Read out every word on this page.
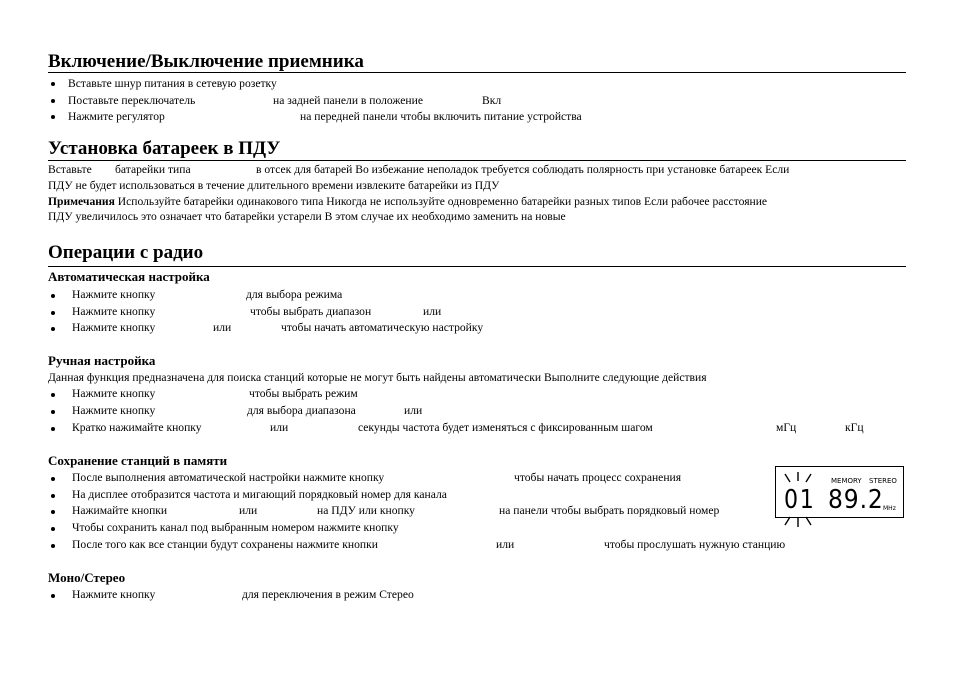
Включение/Выключение приемника
Вставьте шнур питания в сетевую розетку
Поставьте переключатель	на задней панели в положение	Вкл
Нажмите регулятор	на передней панели чтобы включить питание устройства
Установка батареек в ПДУ
Вставьте батарейки типа	в отсек для батарей Во избежание неполадок требуется соблюдать полярность при установке батареек Если
ПДУ не будет использоваться в течение длительного времени извлеките батарейки из ПДУ
Примечания Используйте батарейки одинакового типа Никогда не используйте одновременно батарейки разных типов Если рабочее расстояние
ПДУ увеличилось это означает что батарейки устарели В этом случае их необходимо заменить на новые
Операции с радио
Автоматическая настройка
Нажмите кнопку	для выбора режима
Нажмите кнопку	чтобы выбрать диапазон	или
Нажмите кнопку	или	чтобы начать автоматическую настройку
Ручная настройка
Данная функция предназначена для поиска станций которые не могут быть найдены автоматически Выполните следующие действия
Нажмите кнопку	чтобы выбрать режим
Нажмите кнопку	для выбора диапазона	или
Кратко нажимайте кнопку	или	секунды частота будет изменяться с фиксированным шагом	мГц	кГц
Сохранение станций в памяти
После выполнения автоматической настройки нажмите кнопку	чтобы начать процесс сохранения
На дисплее отобразится частота и мигающий порядковый номер для канала
Нажимайте кнопки	или	на ПДУ или кнопку	на панели чтобы выбрать порядковый номер
Чтобы сохранить канал под выбранным номером нажмите кнопку
После того как все станции будут сохранены нажмите кнопки	или	чтобы прослушать нужную станцию
Моно/Стерео
Нажмите кнопку	для переключения в режим Стерео
MEMORY STEREO
01 89.2 MHz
